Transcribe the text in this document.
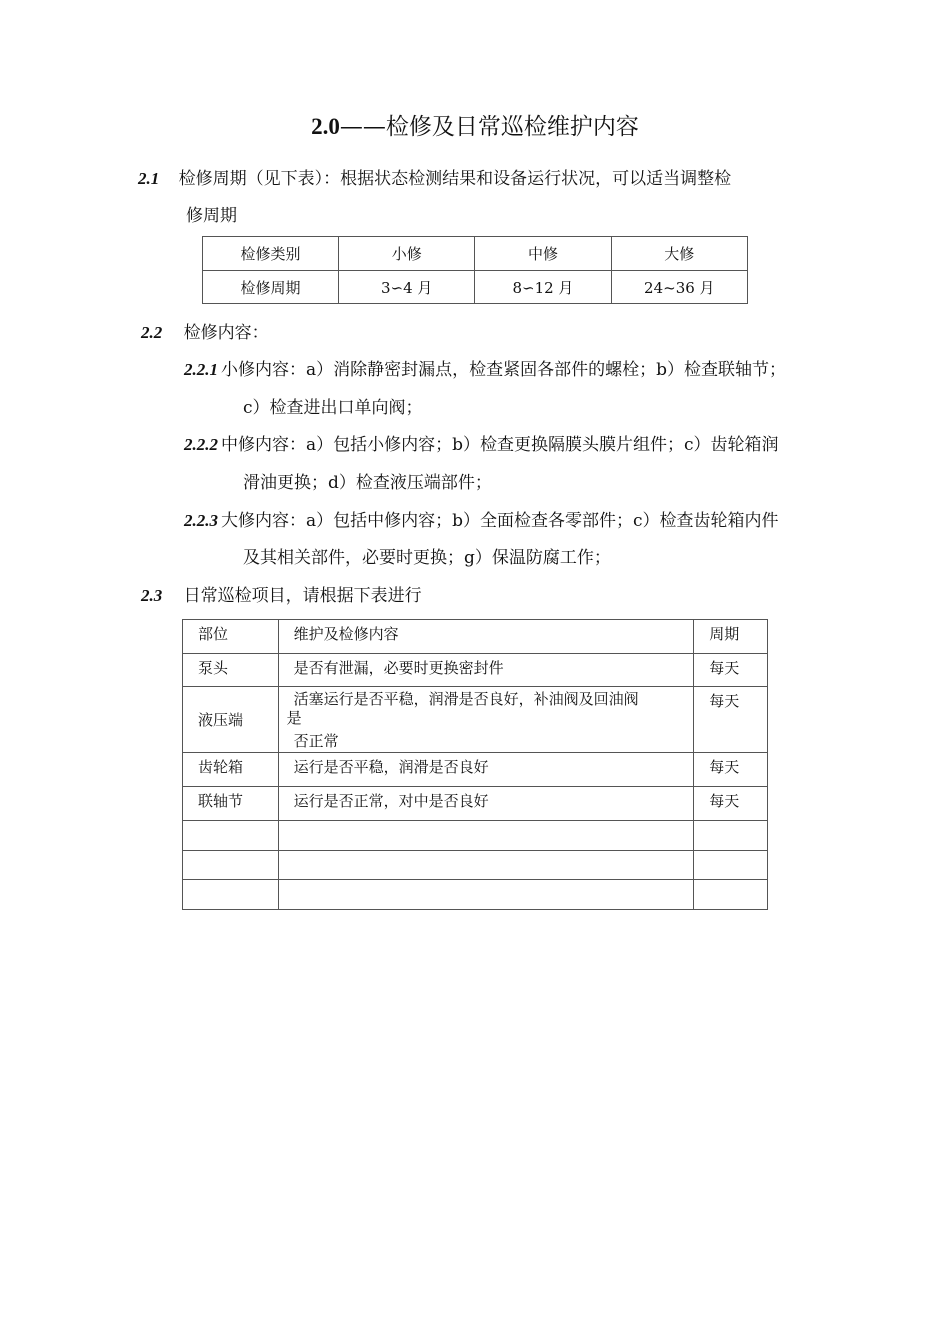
2.0——检修及日常巡检维护内容
2.1 检修周期（见下表）：根据状态检测结果和设备运行状况，可以适当调整检
修周期
检修类别	小修	中修	大修
检修周期	3∽4 月	8∽12 月	24~36 月
2.2 检修内容：
2.2.1 小修内容：a）消除静密封漏点，检查紧固各部件的螺栓；b）检查联轴节；
c）检查进出口单向阀；
2.2.2 中修内容：a）包括小修内容；b）检查更换隔膜头膜片组件；c）齿轮箱润
滑油更换；d）检查液压端部件；
2.2.3 大修内容：a）包括中修内容；b）全面检查各零部件；c）检查齿轮箱内件
及其相关部件，必要时更换；g）保温防腐工作；
2.3 日常巡检项目，请根据下表进行
部位	维护及检修内容	周期
泵头	是否有泄漏，必要时更换密封件	每天
液压端	活塞运行是否平稳，润滑是否良好，补油阀及回油阀
是
否正常	每天
齿轮箱	运行是否平稳，润滑是否良好	每天
联轴节	运行是否正常，对中是否良好	每天
